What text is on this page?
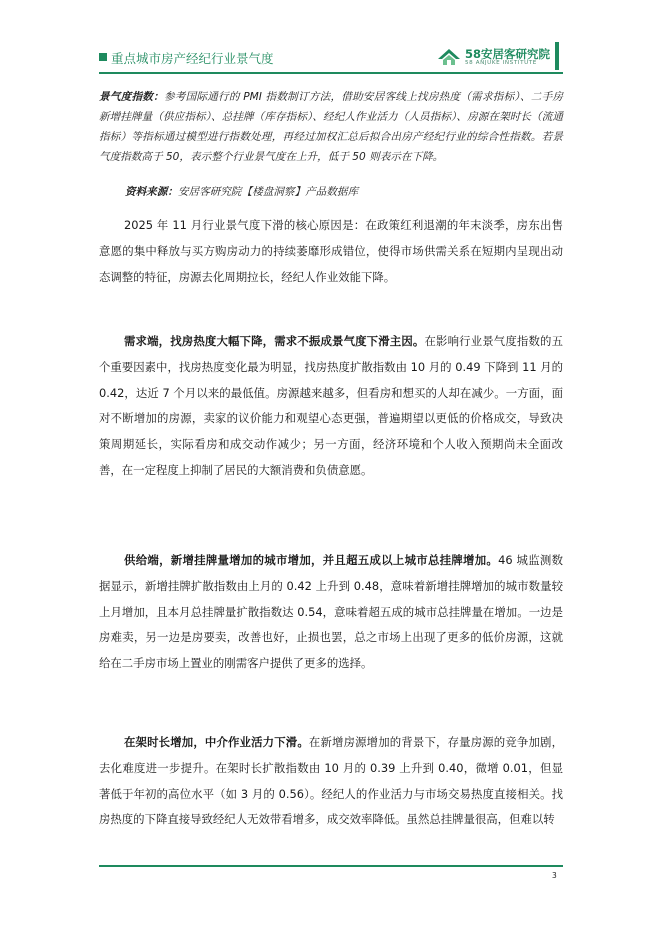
重点城市房产经纪行业景气度	58安居客研究院
58 ANJUKE INSTITUTE
景气度指数：参考国际通行的 PMI 指数制订方法，借助安居客线上找房热度（需求指标）、二手房新增挂牌量（供应指标）、总挂牌（库存指标）、经纪人作业活力（人员指标）、房源在架时长（流通指标）等指标通过模型进行指数处理，再经过加权汇总后拟合出房产经纪行业的综合性指数。若景气度指数高于 50，表示整个行业景气度在上升，低于 50 则表示在下降。
资料来源：安居客研究院【楼盘洞察】产品数据库

2025 年 11 月行业景气度下滑的核心原因是：在政策红利退潮的年末淡季，房东出售意愿的集中释放与买方购房动力的持续萎靡形成错位，使得市场供需关系在短期内呈现出动态调整的特征，房源去化周期拉长，经纪人作业效能下降。

需求端，找房热度大幅下降，需求不振成景气度下滑主因。在影响行业景气度指数的五个重要因素中，找房热度变化最为明显，找房热度扩散指数由 10 月的 0.49 下降到 11 月的 0.42，达近 7 个月以来的最低值。房源越来越多，但看房和想买的人却在减少。一方面，面对不断增加的房源，卖家的议价能力和观望心态更强，普遍期望以更低的价格成交，导致决策周期延长，实际看房和成交动作减少；另一方面，经济环境和个人收入预期尚未全面改善，在一定程度上抑制了居民的大额消费和负债意愿。

供给端，新增挂牌量增加的城市增加，并且超五成以上城市总挂牌增加。46 城监测数据显示，新增挂牌扩散指数由上月的 0.42 上升到 0.48，意味着新增挂牌增加的城市数量较上月增加，且本月总挂牌量扩散指数达 0.54，意味着超五成的城市总挂牌量在增加。一边是房难卖，另一边是房要卖，改善也好，止损也罢，总之市场上出现了更多的低价房源，这就给在二手房市场上置业的刚需客户提供了更多的选择。

在架时长增加，中介作业活力下滑。在新增房源增加的背景下，存量房源的竞争加剧，去化难度进一步提升。在架时长扩散指数由 10 月的 0.39 上升到 0.40，微增 0.01，但显著低于年初的高位水平（如 3 月的 0.56）。经纪人的作业活力与市场交易热度直接相关。找房热度的下降直接导致经纪人无效带看增多，成交效率降低。虽然总挂牌量很高，但难以转

3
